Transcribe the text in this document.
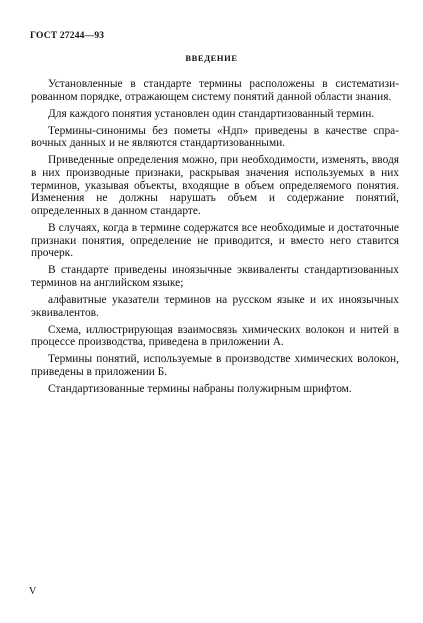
ГОСТ 27244—93
ВВЕДЕНИЕ

Установленные в стандарте термины расположены в систематизированном порядке, отражающем систему понятий данной области знания.

Для каждого понятия установлен один стандартизованный термин.

Термины-синонимы без пометы «Ндп» приведены в качестве справочных данных и не являются стандартизованными.

Приведенные определения можно, при необходимости, изменять, вводя в них производные признаки, раскрывая значения используемых в них терминов, указывая объекты, входящие в объем определяемого понятия. Изменения не должны нарушать объем и содержание понятий, определенных в данном стандарте.

В случаях, когда в термине содержатся все необходимые и достаточные признаки понятия, определение не приводится, и вместо него ставится прочерк.

В стандарте приведены иноязычные эквиваленты стандартизованных терминов на английском языке;

алфавитные указатели терминов на русском языке и их иноязычных эквивалентов.

Схема, иллюстрирующая взаимосвязь химических волокон и нитей в процессе производства, приведена в приложении А.

Термины понятий, используемые в производстве химических волокон, приведены в приложении Б.

Стандартизованные термины набраны полужирным шрифтом.

V
